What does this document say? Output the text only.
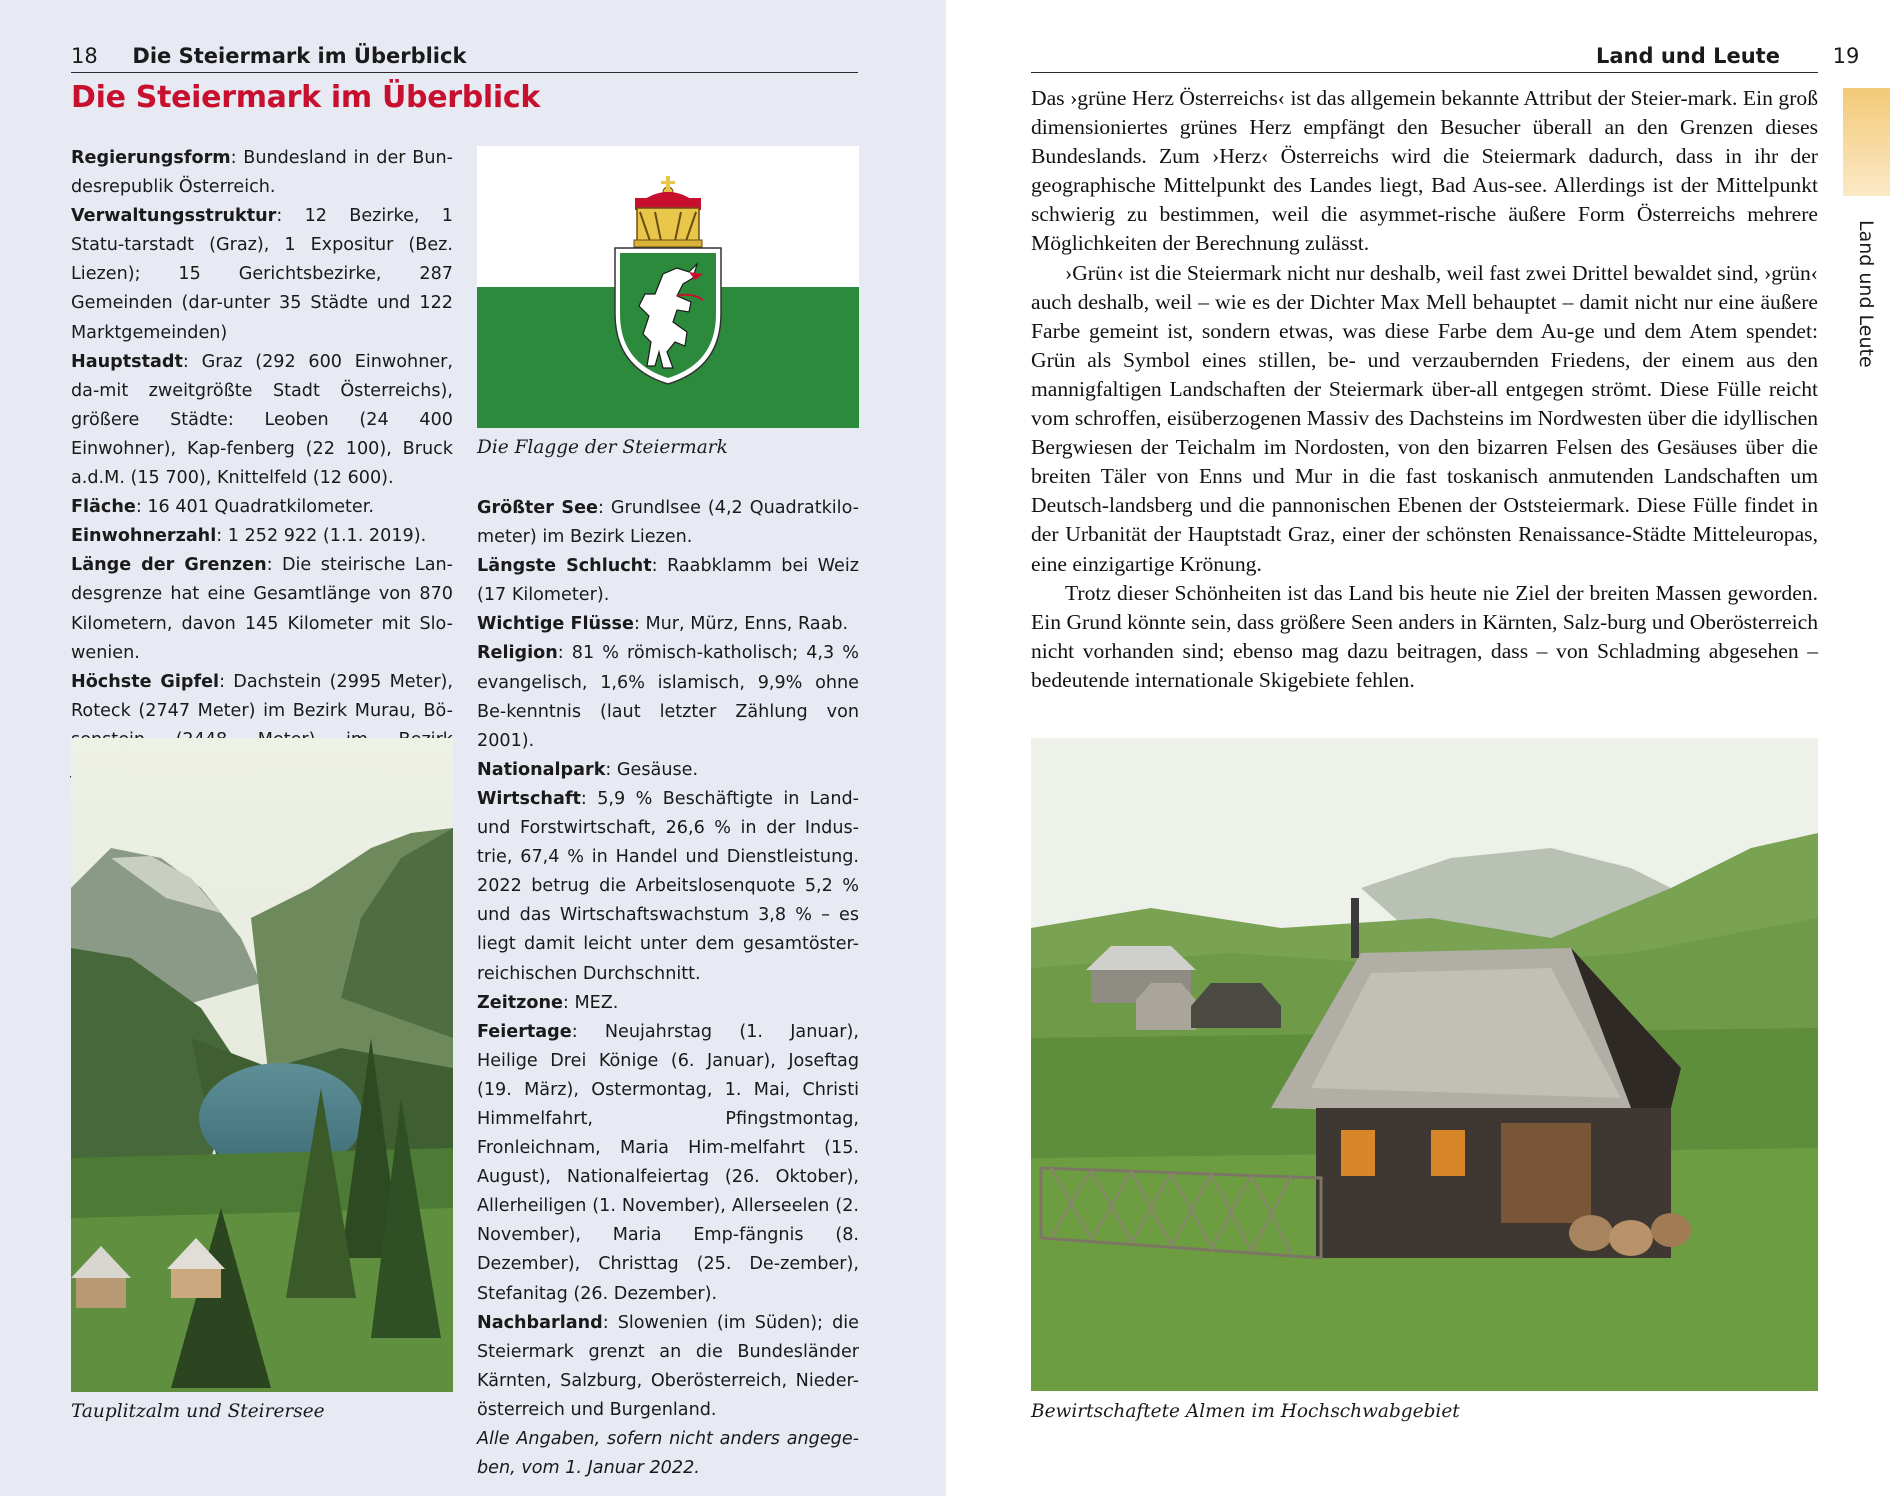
18 Die Steiermark im Überblick
Die Steiermark im Überblick

Regierungsform: Bundesland in der Bun-desrepublik Österreich.

Verwaltungsstruktur: 12 Bezirke, 1 Statu-tarstadt (Graz), 1 Expositur (Bez. Liezen); 15 Gerichtsbezirke, 287 Gemeinden (dar-unter 35 Städte und 122 Marktgemeinden)

Hauptstadt: Graz (292 600 Einwohner, da-mit zweitgrößte Stadt Österreichs), größere Städte: Leoben (24 400 Einwohner), Kap-fenberg (22 100), Bruck a.d.M. (15 700), Knittelfeld (12 600).

Fläche: 16 401 Quadratkilometer.

Einwohnerzahl: 1 252 922 (1.1. 2019).

Länge der Grenzen: Die steirische Lan-desgrenze hat eine Gesamtlänge von 870 Kilometern, davon 145 Kilometer mit Slo-wenien.

Höchste Gipfel: Dachstein (2995 Meter), Roteck (2747 Meter) im Bezirk Murau, Bö-

Die Flagge der Steiermark

Größter See: Grundlsee (4,2 Quadratkilo-meter) im Bezirk Liezen.

Längste Schlucht: Raabklamm bei Weiz (17 Kilometer).

Wichtige Flüsse: Mur, Mürz, Enns, Raab.

Religion: 81 % römisch-katholisch; 4,3 % evangelisch, 1,6% islamisch, 9,9% ohne Be-kenntnis (laut letzter Zählung von 2001).

Nationalpark: Gesäuse.

Wirtschaft: 5,9 % Beschäftigte in Land-und Forstwirtschaft, 26,6 % in der Indus-trie, 67,4 % in Handel und Dienstleistung. 2022 betrug die Arbeitslosenquote 5,2 % und das Wirtschaftswachstum 3,8 % – es liegt damit leicht unter dem gesamtöster-reichischen Durchschnitt.

Zeitzone: MEZ.

Feiertage: Neujahrstag (1. Januar), Heilige Drei Könige (6. Januar), Joseftag (19. März), Ostermontag, 1. Mai, Christi Himmelfahrt, Pfingstmontag, Fronleichnam, Maria Him-melfahrt (15. August), Nationalfeiertag (26. Oktober), Allerheiligen (1. November), Allerseelen (2. November), Maria Emp-fängnis (8. Dezember), Christtag (25. De-zember), Stefanitag (26. Dezember).

Nachbarland: Slowenien (im Süden); die Steiermark grenzt an die Bundesländer Kärnten, Salzburg, Oberösterreich, Nieder-österreich und Burgenland.

Alle Angaben, sofern nicht anders angege-ben, vom 1. Januar 2022.

Tauplitzalm und Steirersee
Land und Leute	19
Land und Leute

Das ›grüne Herz Österreichs‹ ist das allgemein bekannte Attribut der Steier-mark. Ein groß dimensioniertes grünes Herz empfängt den Besucher überall an den Grenzen dieses Bundeslands. Zum ›Herz‹ Österreichs wird die Steiermark dadurch, dass in ihr der geographische Mittelpunkt des Landes liegt, Bad Aus-see. Allerdings ist der Mittelpunkt schwierig zu bestimmen, weil die asymmet-rische äußere Form Österreichs mehrere Möglichkeiten der Berechnung zulässt.

›Grün‹ ist die Steiermark nicht nur deshalb, weil fast zwei Drittel bewaldet sind, ›grün‹ auch deshalb, weil – wie es der Dichter Max Mell behauptet – damit nicht nur eine äußere Farbe gemeint ist, sondern etwas, was diese Farbe dem Au-ge und dem Atem spendet: Grün als Symbol eines stillen, be- und verzaubernden Friedens, der einem aus den mannigfaltigen Landschaften der Steiermark über-all entgegen strömt. Diese Fülle reicht vom schroffen, eisüberzogenen Massiv des Dachsteins im Nordwesten über die idyllischen Bergwiesen der Teichalm im Nordosten, von den bizarren Felsen des Gesäuses über die breiten Täler von Enns und Mur in die fast toskanisch anmutenden Landschaften um Deutsch-landsberg und die pannonischen Ebenen der Oststeiermark. Diese Fülle findet in der Urbanität der Hauptstadt Graz, einer der schönsten Renaissance-Städte Mitteleuropas, eine einzigartige Krönung.

Trotz dieser Schönheiten ist das Land bis heute nie Ziel der breiten Massen geworden. Ein Grund könnte sein, dass größere Seen anders in Kärnten, Salz-burg und Oberösterreich nicht vorhanden sind; ebenso mag dazu beitragen, dass – von Schladming abgesehen – bedeutende internationale Skigebiete fehlen.

Bewirtschaftete Almen im Hochschwabgebiet
